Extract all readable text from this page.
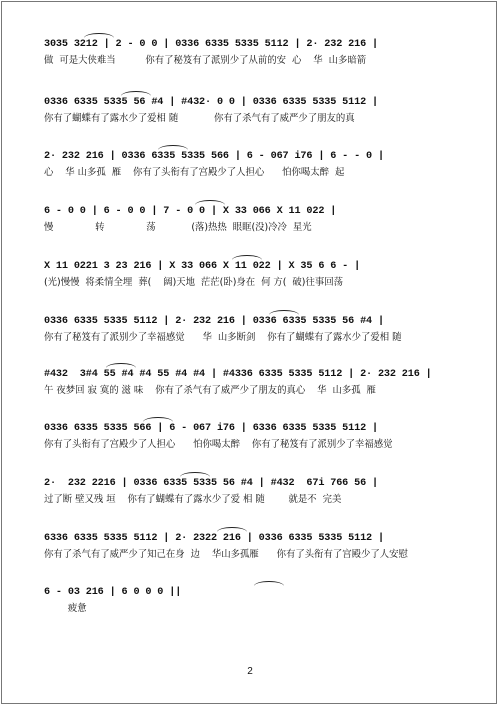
3035 3212 | 2 - 0 0 | 0336 6335 5335 5112 | 2· 232 216 |
做  可是大侠难当          你有了秘笈有了派别少了从前的安  心    华  山多暗箭
0336 6335 5335 56 #4 | #432· 0 0 | 0336 6335 5335 5112 |
你有了蝴蝶有了露水少了爱相 随            你有了杀气有了威严少了朋友的真
2· 232 216 | 0336 6335 5335 566 | 6 - 067 i76 | 6 - - 0 |
心    华 山多孤  雁    你有了头衔有了宫殿少了人担心      怕你喝太醉  起
6 - 0 0 | 6 - 0 0 | 7 - 0 0 | X 33 066 X 11 022 |
慢              转              荡            (落)热热  眼眶(没)冷冷  星光
X 11 0221 3 23 216 | X 33 066 X 11 022 | X 35 6 6 - |
(光)慢慢  将柔情全埋  葬(    阔)天地  茫茫(卧)身在  何 方(  破)往事回荡
0336 6335 5335 5112 | 2· 232 216 | 0336 6335 5335 56 #4 |
你有了秘笈有了派别少了幸福感觉      华  山多断剑    你有了蝴蝶有了露水少了爱相 随
#432  3#4 55 #4 #4 55 #4 #4 | #4336 6335 5335 5112 | 2· 232 216 |
午 夜梦回 寂 寞的 滋 味    你有了杀气有了威严少了朋友的真心    华  山多孤  雁
0336 6335 5335 566 | 6 - 067 i76 | 6336 6335 5335 5112 |
你有了头衔有了宫殿少了人担心      怕你喝太醉    你有了秘笈有了派别少了幸福感觉
2·  232 2216 | 0336 6335 5335 56 #4 | #432  67i 766 56 |
过了断 壁又残 垣    你有了蝴蝶有了露水少了爱 相 随        就是不  完美
6336 6335 5335 5112 | 2· 2322 216 | 0336 6335 5335 5112 |
你有了杀气有了威严少了知己在身  边    华山多孤雁      你有了头衔有了宫殿少了人安慰
6 - 03 216 | 6 0 0 0 ||
疲惫
2
